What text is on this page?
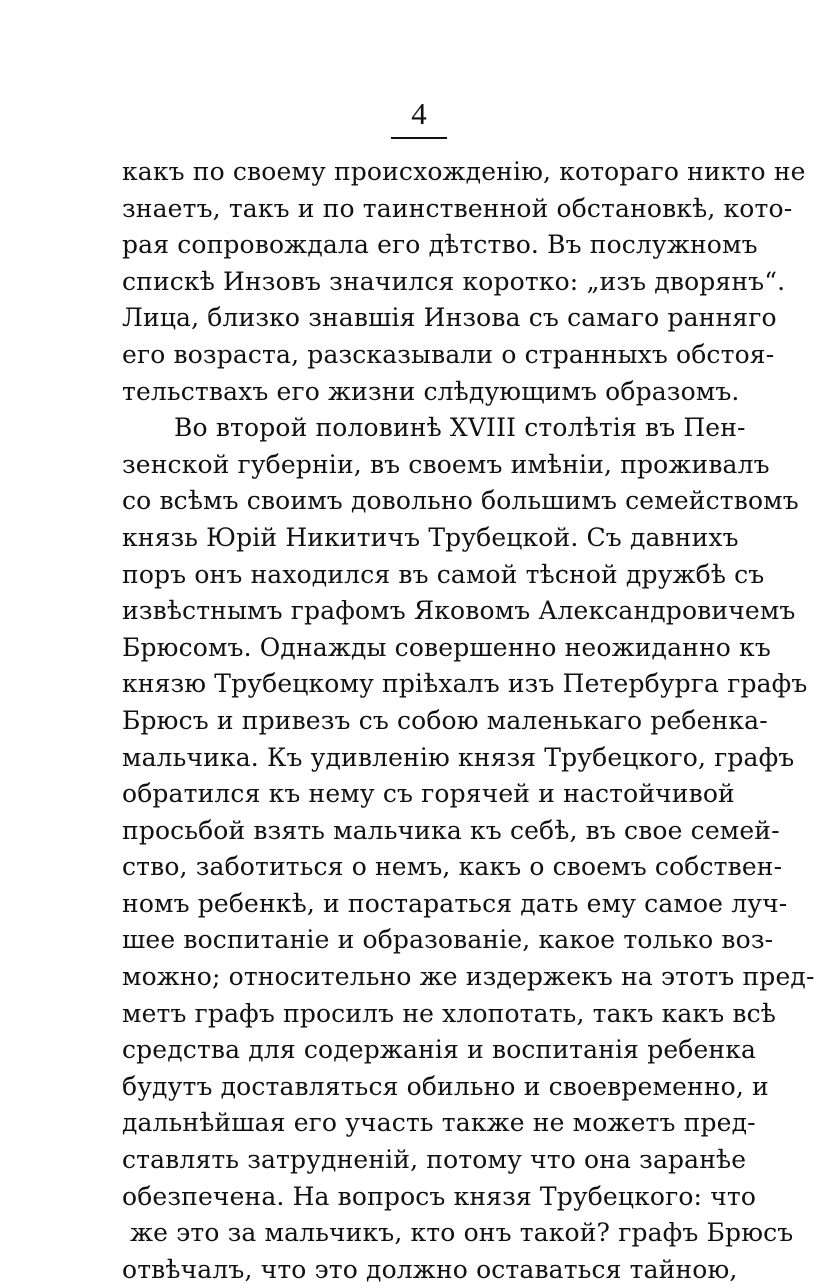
4
какъ по своему происхожденію, котораго никто не
знаетъ, такъ и по таинственной обстановкѣ, кото-
рая сопровождала его дѣтство. Въ послужномъ
спискѣ Инзовъ значился коротко: „изъ дворянъ“.
Лица, близко знавшія Инзова съ самаго ранняго
его возраста, разсказывали о странныхъ обстоя-
тельствахъ его жизни слѣдующимъ образомъ.
Во второй половинѣ XVIII столѣтія въ Пен-
зенской губерніи, въ своемъ имѣніи, проживалъ
со всѣмъ своимъ довольно большимъ семействомъ
князь Юрій Никитичъ Трубецкой. Съ давнихъ
поръ онъ находился въ самой тѣсной дружбѣ съ
извѣстнымъ графомъ Яковомъ Александровичемъ
Брюсомъ. Однажды совершенно неожиданно къ
князю Трубецкому пріѣхалъ изъ Петербурга графъ
Брюсъ и привезъ съ собою маленькаго ребенка-
мальчика. Къ удивленію князя Трубецкого, графъ
обратился къ нему съ горячей и настойчивой
просьбой взять мальчика къ себѣ, въ свое семей-
ство, заботиться о немъ, какъ о своемъ собствен-
номъ ребенкѣ, и постараться дать ему самое луч-
шее воспитаніе и образованіе, какое только воз-
можно; относительно же издержекъ на этотъ пред-
метъ графъ просилъ не хлопотать, такъ какъ всѣ
средства для содержанія и воспитанія ребенка
будутъ доставляться обильно и своевременно, и
дальнѣйшая его участь также не можетъ пред-
ставлять затрудненій, потому что она заранѣе
обезпечена. На вопросъ князя Трубецкого: что
же это за мальчикъ, кто онъ такой? графъ Брюсъ
отвѣчалъ, что это должно оставаться тайною,
